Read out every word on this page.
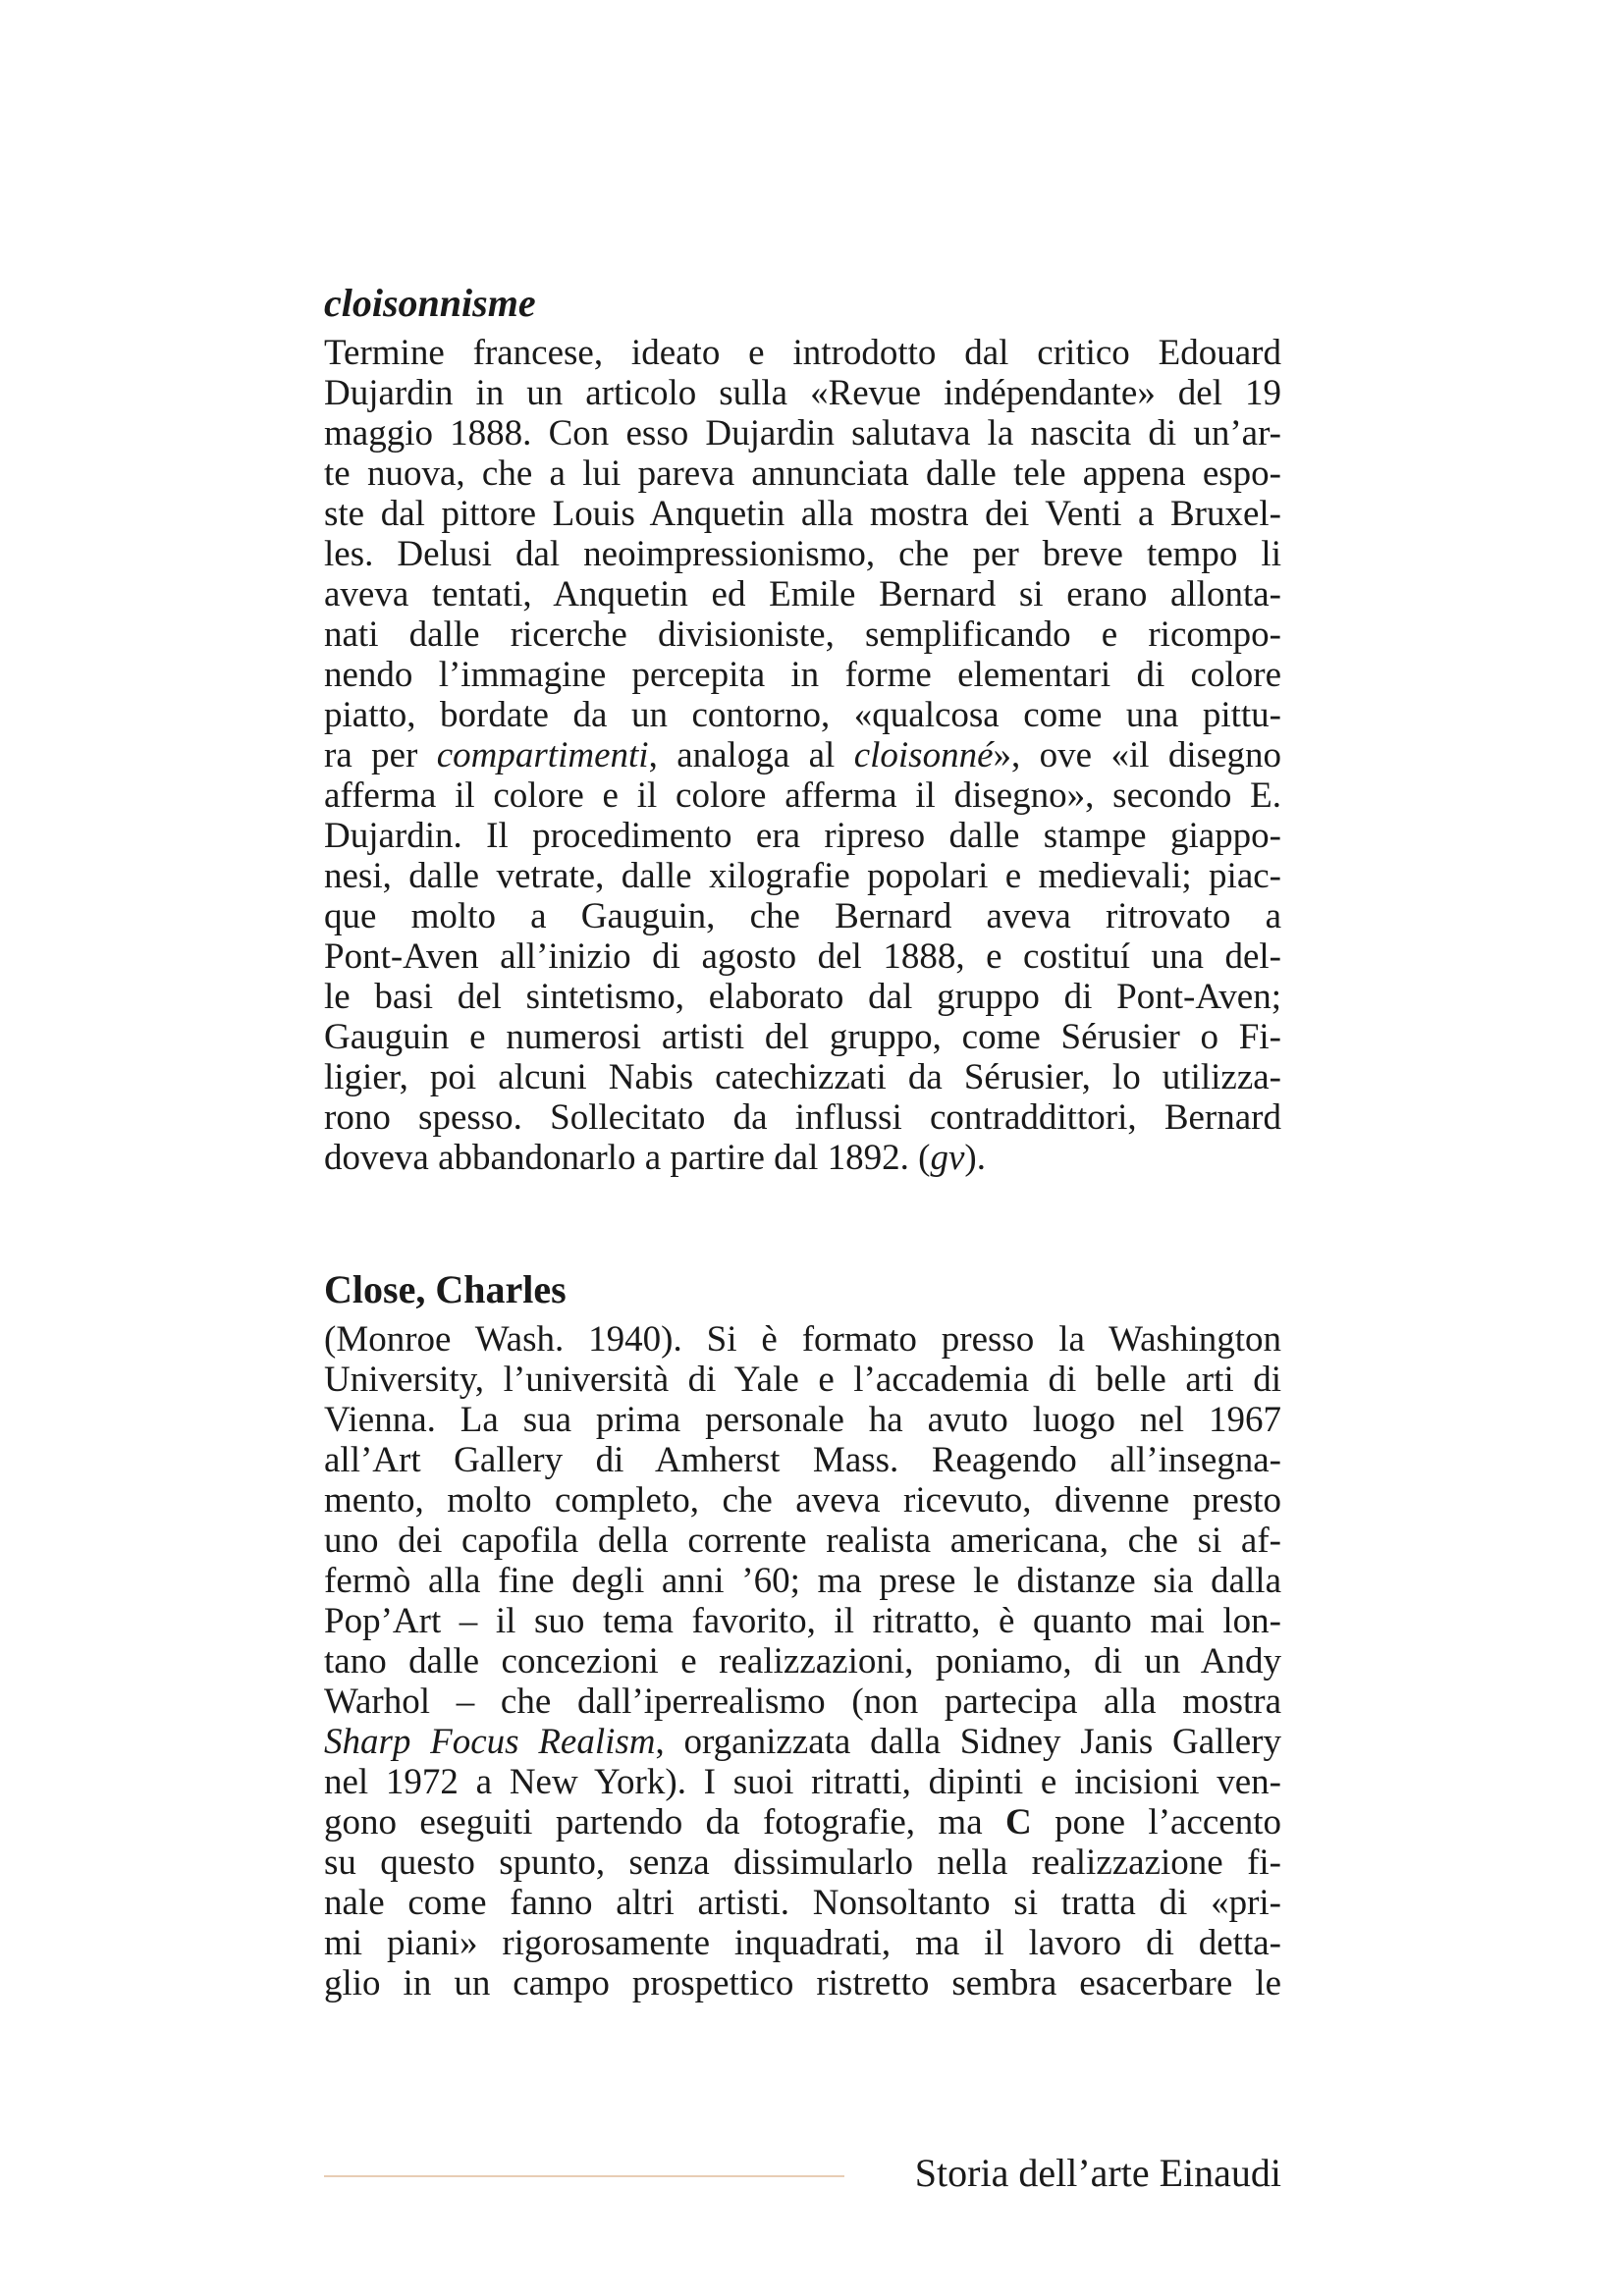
cloisonnisme
Termine francese, ideato e introdotto dal critico Edouard
Dujardin in un articolo sulla «Revue indépendante» del 19
maggio 1888. Con esso Dujardin salutava la nascita di un’ar-
te nuova, che a lui pareva annunciata dalle tele appena espo-
ste dal pittore Louis Anquetin alla mostra dei Venti a Bruxel-
les. Delusi dal neoimpressionismo, che per breve tempo li
aveva tentati, Anquetin ed Emile Bernard si erano allonta-
nati dalle ricerche divisioniste, semplificando e ricompo-
nendo l’immagine percepita in forme elementari di colore
piatto, bordate da un contorno, «qualcosa come una pittu-
ra per compartimenti, analoga al cloisonné», ove «il disegno
afferma il colore e il colore afferma il disegno», secondo E.
Dujardin. Il procedimento era ripreso dalle stampe giappo-
nesi, dalle vetrate, dalle xilografie popolari e medievali; piac-
que molto a Gauguin, che Bernard aveva ritrovato a
Pont-Aven all’inizio di agosto del 1888, e costituí una del-
le basi del sintetismo, elaborato dal gruppo di Pont-Aven;
Gauguin e numerosi artisti del gruppo, come Sérusier o Fi-
ligier, poi alcuni Nabis catechizzati da Sérusier, lo utilizza-
rono spesso. Sollecitato da influssi contraddittori, Bernard
doveva abbandonarlo a partire dal 1892. (gv).
Close, Charles
(Monroe Wash. 1940). Si è formato presso la Washington
University, l’università di Yale e l’accademia di belle arti di
Vienna. La sua prima personale ha avuto luogo nel 1967
all’Art Gallery di Amherst Mass. Reagendo all’insegna-
mento, molto completo, che aveva ricevuto, divenne presto
uno dei capofila della corrente realista americana, che si af-
fermò alla fine degli anni ’60; ma prese le distanze sia dalla
Pop’Art – il suo tema favorito, il ritratto, è quanto mai lon-
tano dalle concezioni e realizzazioni, poniamo, di un Andy
Warhol – che dall’iperrealismo (non partecipa alla mostra
Sharp Focus Realism, organizzata dalla Sidney Janis Gallery
nel 1972 a New York). I suoi ritratti, dipinti e incisioni ven-
gono eseguiti partendo da fotografie, ma C pone l’accento
su questo spunto, senza dissimularlo nella realizzazione fi-
nale come fanno altri artisti. Nonsoltanto si tratta di «pri-
mi piani» rigorosamente inquadrati, ma il lavoro di detta-
glio in un campo prospettico ristretto sembra esacerbare le
Storia dell’arte Einaudi
